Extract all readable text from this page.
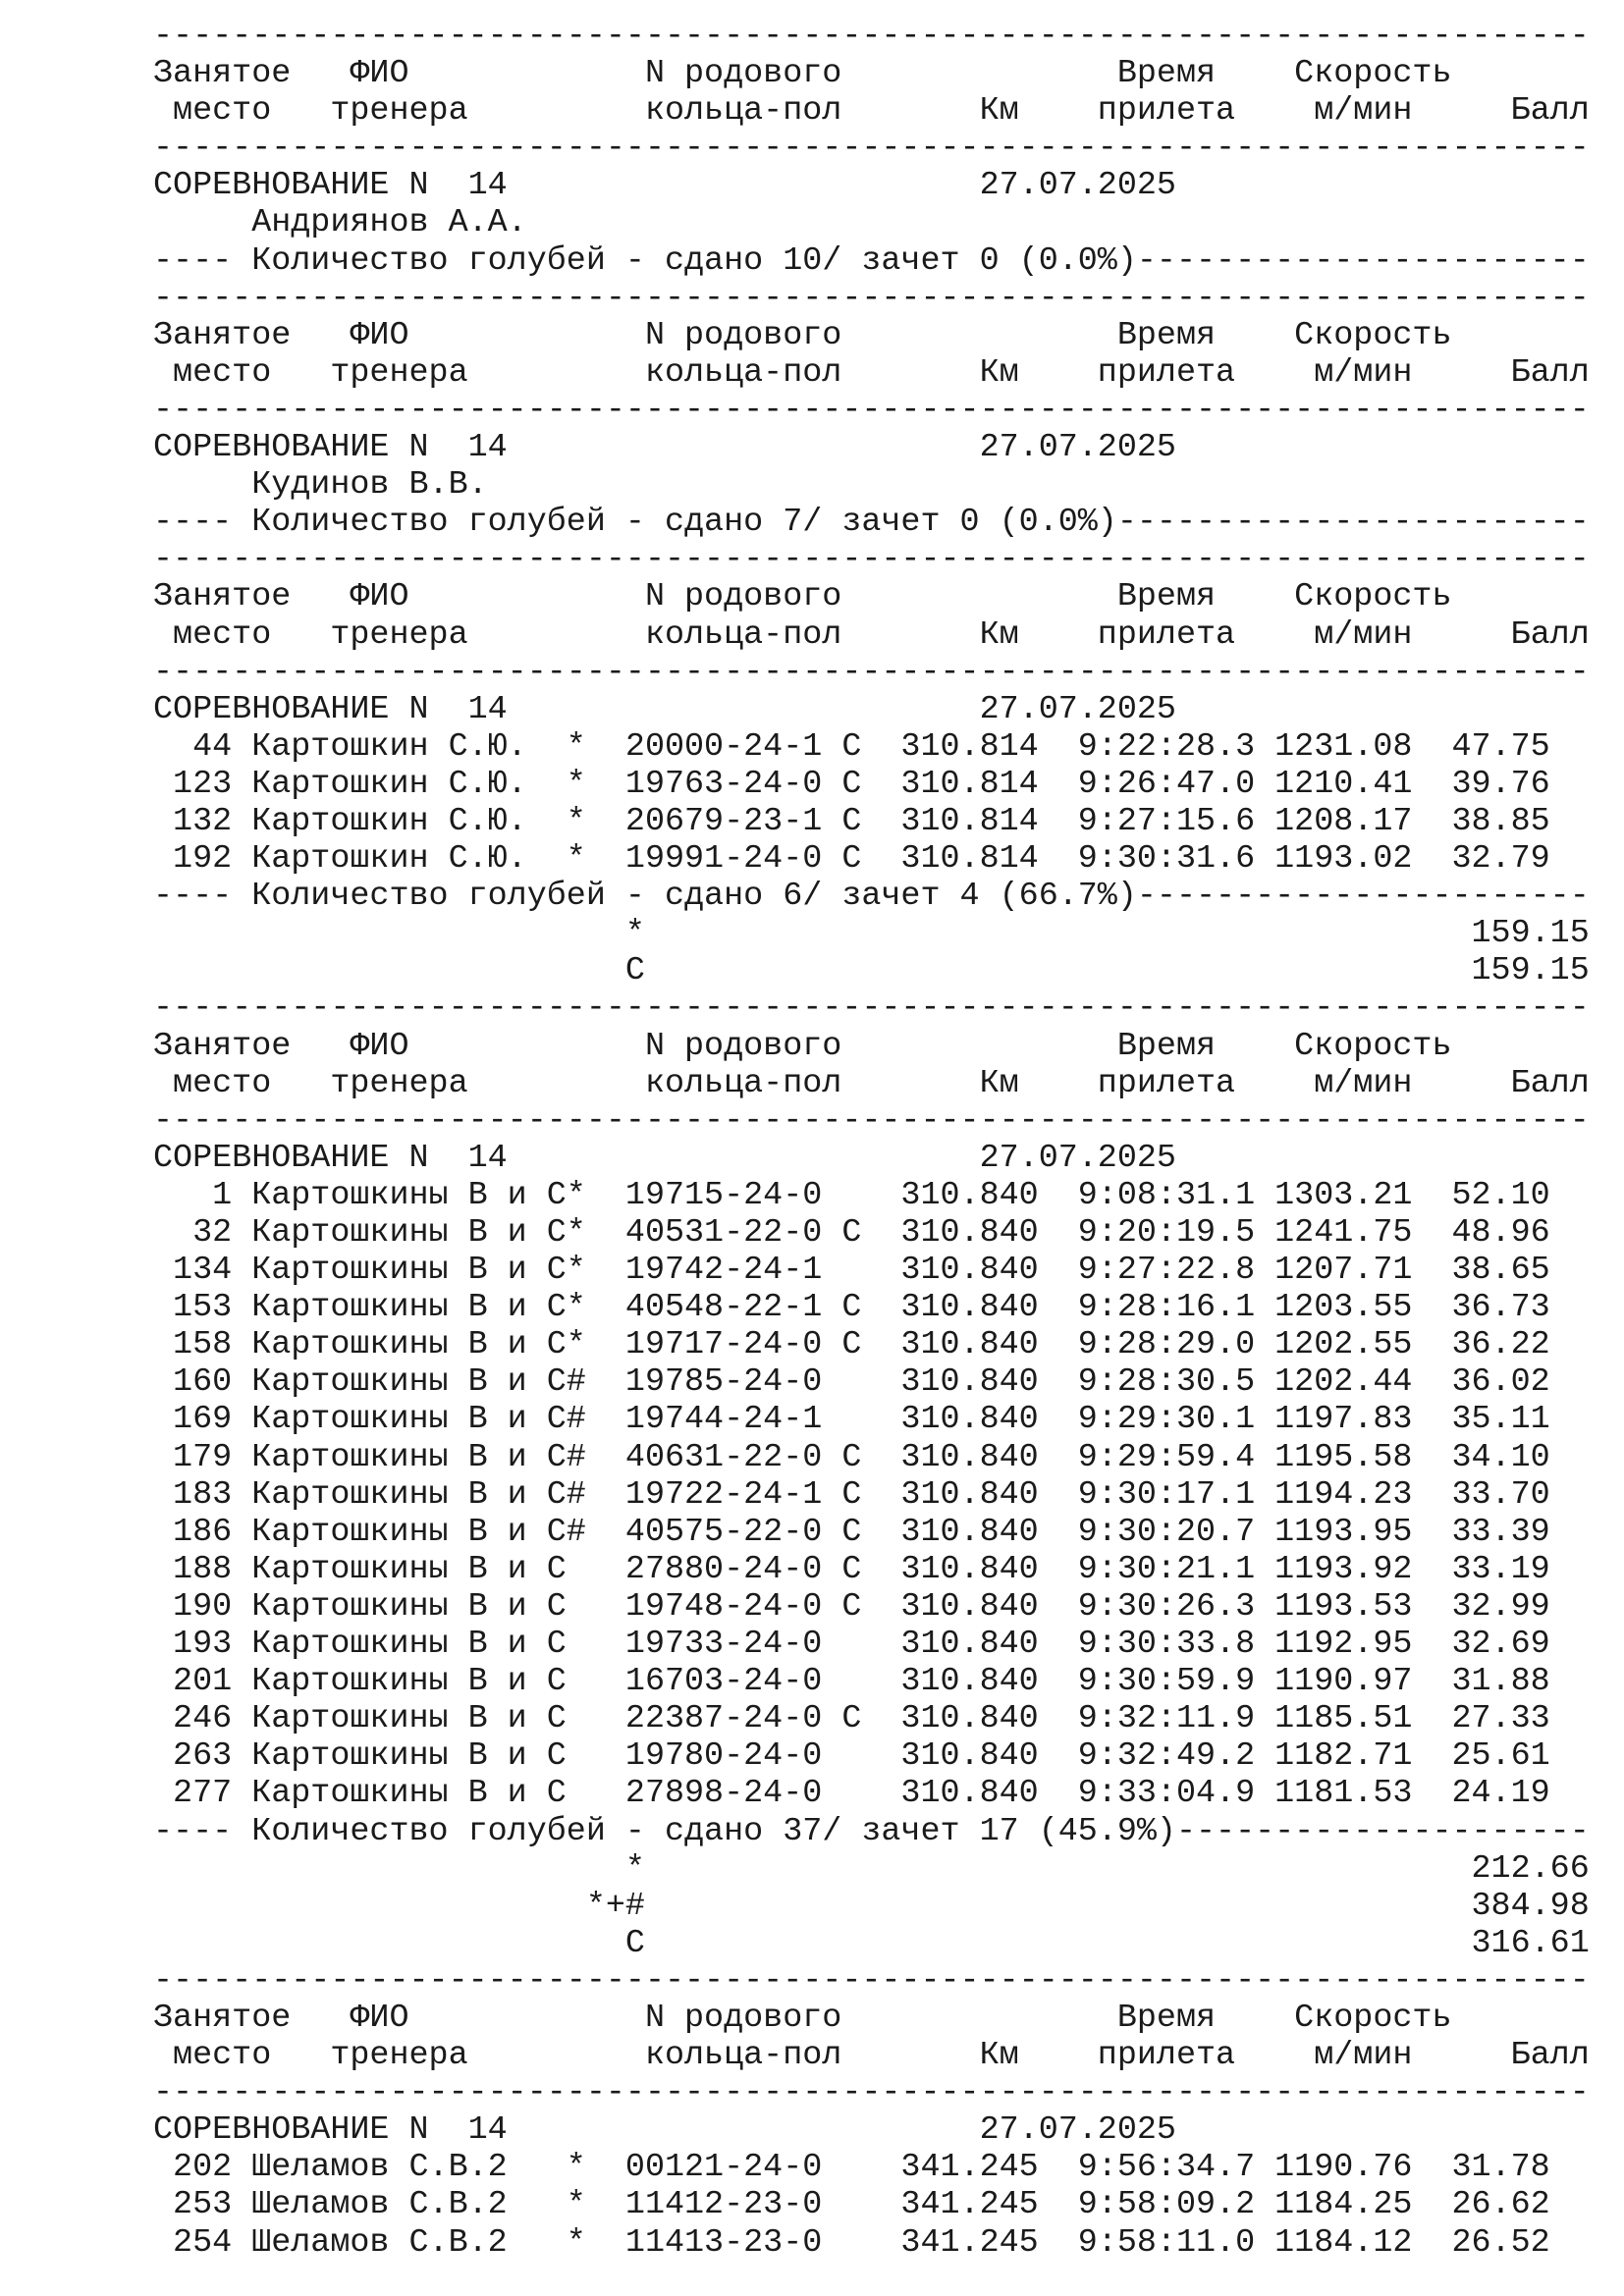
-------------------------------------------------------------------------
Занятое   ФИО            N родового              Время    Скорость
место   тренера         кольца-пол       Км    прилета    м/мин     Балл
-------------------------------------------------------------------------
СОРЕВНОВАНИЕ N  14                        27.07.2025
Андриянов А.А.
---- Количество голубей - сдано 10/ зачет 0 (0.0%)-----------------------
-------------------------------------------------------------------------
Занятое   ФИО            N родового              Время    Скорость
место   тренера         кольца-пол       Км    прилета    м/мин     Балл
-------------------------------------------------------------------------
СОРЕВНОВАНИЕ N  14                        27.07.2025
Кудинов В.В.
---- Количество голубей - сдано 7/ зачет 0 (0.0%)------------------------
-------------------------------------------------------------------------
Занятое   ФИО            N родового              Время    Скорость
место   тренера         кольца-пол       Км    прилета    м/мин     Балл
-------------------------------------------------------------------------
СОРЕВНОВАНИЕ N  14                        27.07.2025
44 Картошкин С.Ю.  *  20000-24-1 С  310.814  9:22:28.3 1231.08  47.75
123 Картошкин С.Ю.  *  19763-24-0 С  310.814  9:26:47.0 1210.41  39.76
132 Картошкин С.Ю.  *  20679-23-1 С  310.814  9:27:15.6 1208.17  38.85
192 Картошкин С.Ю.  *  19991-24-0 С  310.814  9:30:31.6 1193.02  32.79
---- Количество голубей - сдано 6/ зачет 4 (66.7%)-----------------------
*                                          159.15
С                                          159.15
-------------------------------------------------------------------------
Занятое   ФИО            N родового              Время    Скорость
место   тренера         кольца-пол       Км    прилета    м/мин     Балл
-------------------------------------------------------------------------
СОРЕВНОВАНИЕ N  14                        27.07.2025
1 Картошкины В и С*  19715-24-0    310.840  9:08:31.1 1303.21  52.10
32 Картошкины В и С*  40531-22-0 С  310.840  9:20:19.5 1241.75  48.96
134 Картошкины В и С*  19742-24-1    310.840  9:27:22.8 1207.71  38.65
153 Картошкины В и С*  40548-22-1 С  310.840  9:28:16.1 1203.55  36.73
158 Картошкины В и С*  19717-24-0 С  310.840  9:28:29.0 1202.55  36.22
160 Картошкины В и С#  19785-24-0    310.840  9:28:30.5 1202.44  36.02
169 Картошкины В и С#  19744-24-1    310.840  9:29:30.1 1197.83  35.11
179 Картошкины В и С#  40631-22-0 С  310.840  9:29:59.4 1195.58  34.10
183 Картошкины В и С#  19722-24-1 С  310.840  9:30:17.1 1194.23  33.70
186 Картошкины В и С#  40575-22-0 С  310.840  9:30:20.7 1193.95  33.39
188 Картошкины В и С   27880-24-0 С  310.840  9:30:21.1 1193.92  33.19
190 Картошкины В и С   19748-24-0 С  310.840  9:30:26.3 1193.53  32.99
193 Картошкины В и С   19733-24-0    310.840  9:30:33.8 1192.95  32.69
201 Картошкины В и С   16703-24-0    310.840  9:30:59.9 1190.97  31.88
246 Картошкины В и С   22387-24-0 С  310.840  9:32:11.9 1185.51  27.33
263 Картошкины В и С   19780-24-0    310.840  9:32:49.2 1182.71  25.61
277 Картошкины В и С   27898-24-0    310.840  9:33:04.9 1181.53  24.19
---- Количество голубей - сдано 37/ зачет 17 (45.9%)---------------------
*                                          212.66
*+#                                          384.98
С                                          316.61
-------------------------------------------------------------------------
Занятое   ФИО            N родового              Время    Скорость
место   тренера         кольца-пол       Км    прилета    м/мин     Балл
-------------------------------------------------------------------------
СОРЕВНОВАНИЕ N  14                        27.07.2025
202 Шеламов С.В.2   *  00121-24-0    341.245  9:56:34.7 1190.76  31.78
253 Шеламов С.В.2   *  11412-23-0    341.245  9:58:09.2 1184.25  26.62
254 Шеламов С.В.2   *  11413-23-0    341.245  9:58:11.0 1184.12  26.52
